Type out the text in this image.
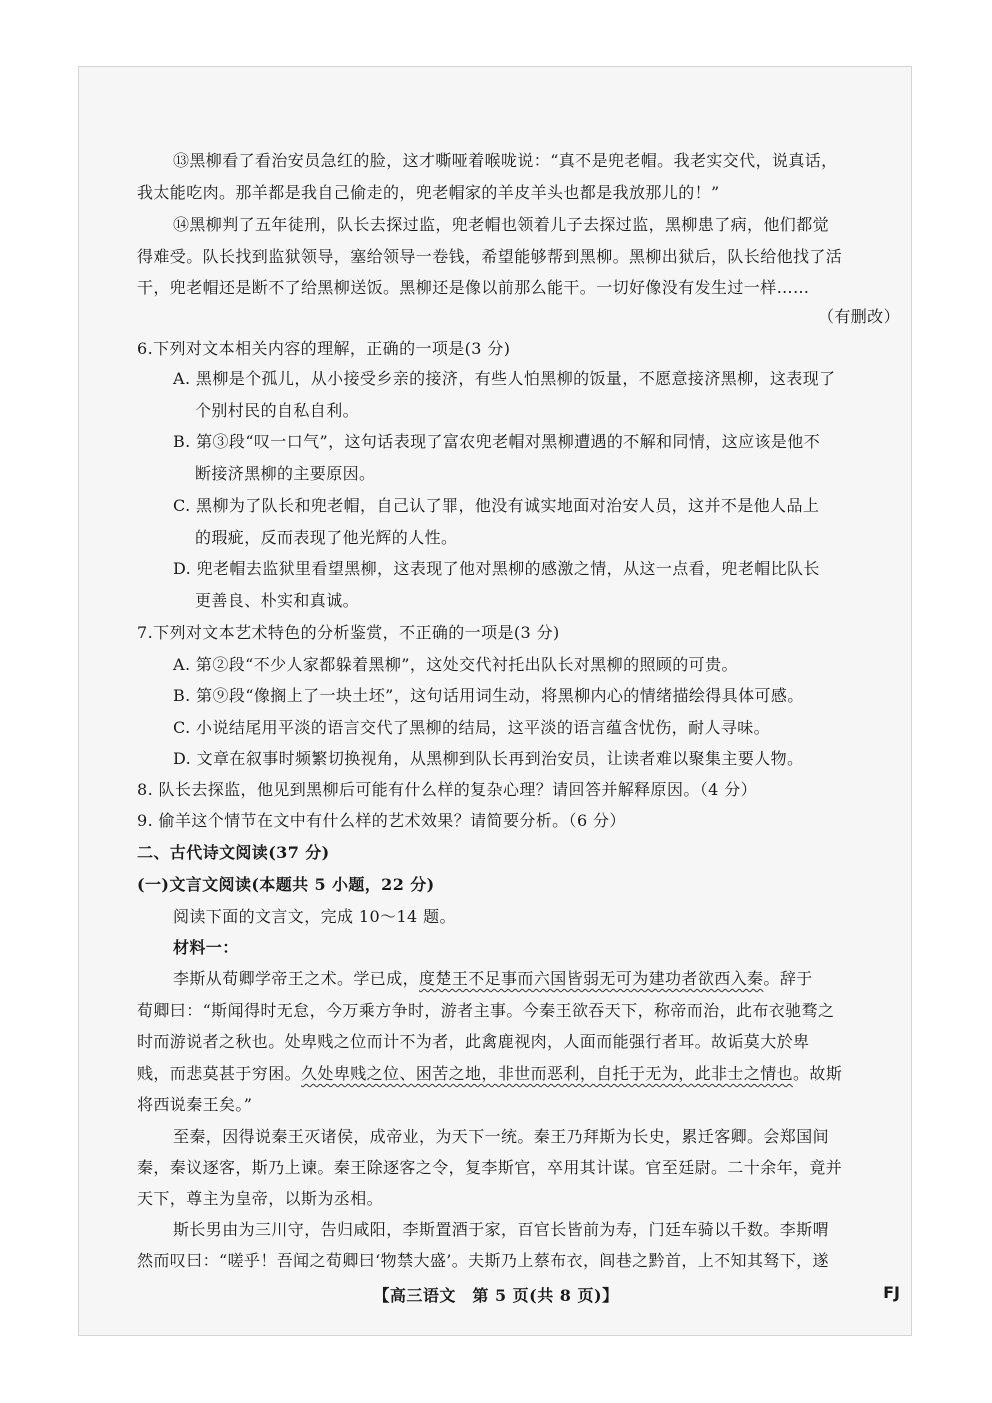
⑬黑柳看了看治安员急红的脸，这才嘶哑着喉咙说：“真不是兜老帽。我老实交代，说真话，
我太能吃肉。那羊都是我自己偷走的，兜老帽家的羊皮羊头也都是我放那儿的！”
⑭黑柳判了五年徒刑，队长去探过监，兜老帽也领着儿子去探过监，黑柳患了病，他们都觉
得难受。队长找到监狱领导，塞给领导一卷钱，希望能够帮到黑柳。黑柳出狱后，队长给他找了活
干，兜老帽还是断不了给黑柳送饭。黑柳还是像以前那么能干。一切好像没有发生过一样……
（有删改）
6.下列对文本相关内容的理解，正确的一项是(3 分)
A. 黑柳是个孤儿，从小接受乡亲的接济，有些人怕黑柳的饭量，不愿意接济黑柳，这表现了
个别村民的自私自利。
B. 第③段“叹一口气”，这句话表现了富农兜老帽对黑柳遭遇的不解和同情，这应该是他不
断接济黑柳的主要原因。
C. 黑柳为了队长和兜老帽，自己认了罪，他没有诚实地面对治安人员，这并不是他人品上
的瑕疵，反而表现了他光辉的人性。
D. 兜老帽去监狱里看望黑柳，这表现了他对黑柳的感激之情，从这一点看，兜老帽比队长
更善良、朴实和真诚。
7.下列对文本艺术特色的分析鉴赏，不正确的一项是(3 分)
A. 第②段“不少人家都躲着黑柳”，这处交代衬托出队长对黑柳的照顾的可贵。
B. 第⑨段“像搁上了一块土坯”，这句话用词生动，将黑柳内心的情绪描绘得具体可感。
C. 小说结尾用平淡的语言交代了黑柳的结局，这平淡的语言蕴含忧伤，耐人寻味。
D. 文章在叙事时频繁切换视角，从黑柳到队长再到治安员，让读者难以聚集主要人物。
8. 队长去探监，他见到黑柳后可能有什么样的复杂心理？请回答并解释原因。（4 分）
9. 偷羊这个情节在文中有什么样的艺术效果？请简要分析。（6 分）
二、古代诗文阅读(37 分)
(一)文言文阅读(本题共 5 小题，22 分)
阅读下面的文言文，完成 10～14 题。
材料一：
李斯从荀卿学帝王之术。学已成，度楚王不足事而六国皆弱无可为建功者欲西入秦。辞于
荀卿曰：“斯闻得时无怠，今万乘方争时，游者主事。今秦王欲吞天下，称帝而治，此布衣驰骛之
时而游说者之秋也。处卑贱之位而计不为者，此禽鹿视肉，人面而能强行者耳。故诟莫大於卑
贱，而悲莫甚于穷困。久处卑贱之位、困苦之地，非世而恶利，自托于无为，此非士之情也。故斯
将西说秦王矣。”
至秦，因得说秦王灭诸侯，成帝业，为天下一统。秦王乃拜斯为长史，累迁客卿。会郑国间
秦，秦议逐客，斯乃上谏。秦王除逐客之令，复李斯官，卒用其计谋。官至廷尉。二十余年，竟并
天下，尊主为皇帝，以斯为丞相。
斯长男由为三川守，告归咸阳，李斯置酒于家，百官长皆前为寿，门廷车骑以千数。李斯喟
然而叹曰：“嗟乎！吾闻之荀卿曰‘物禁大盛’。夫斯乃上蔡布衣，闾巷之黔首，上不知其驽下，遂
【高三语文　第 5 页(共 8 页)】	FJ
